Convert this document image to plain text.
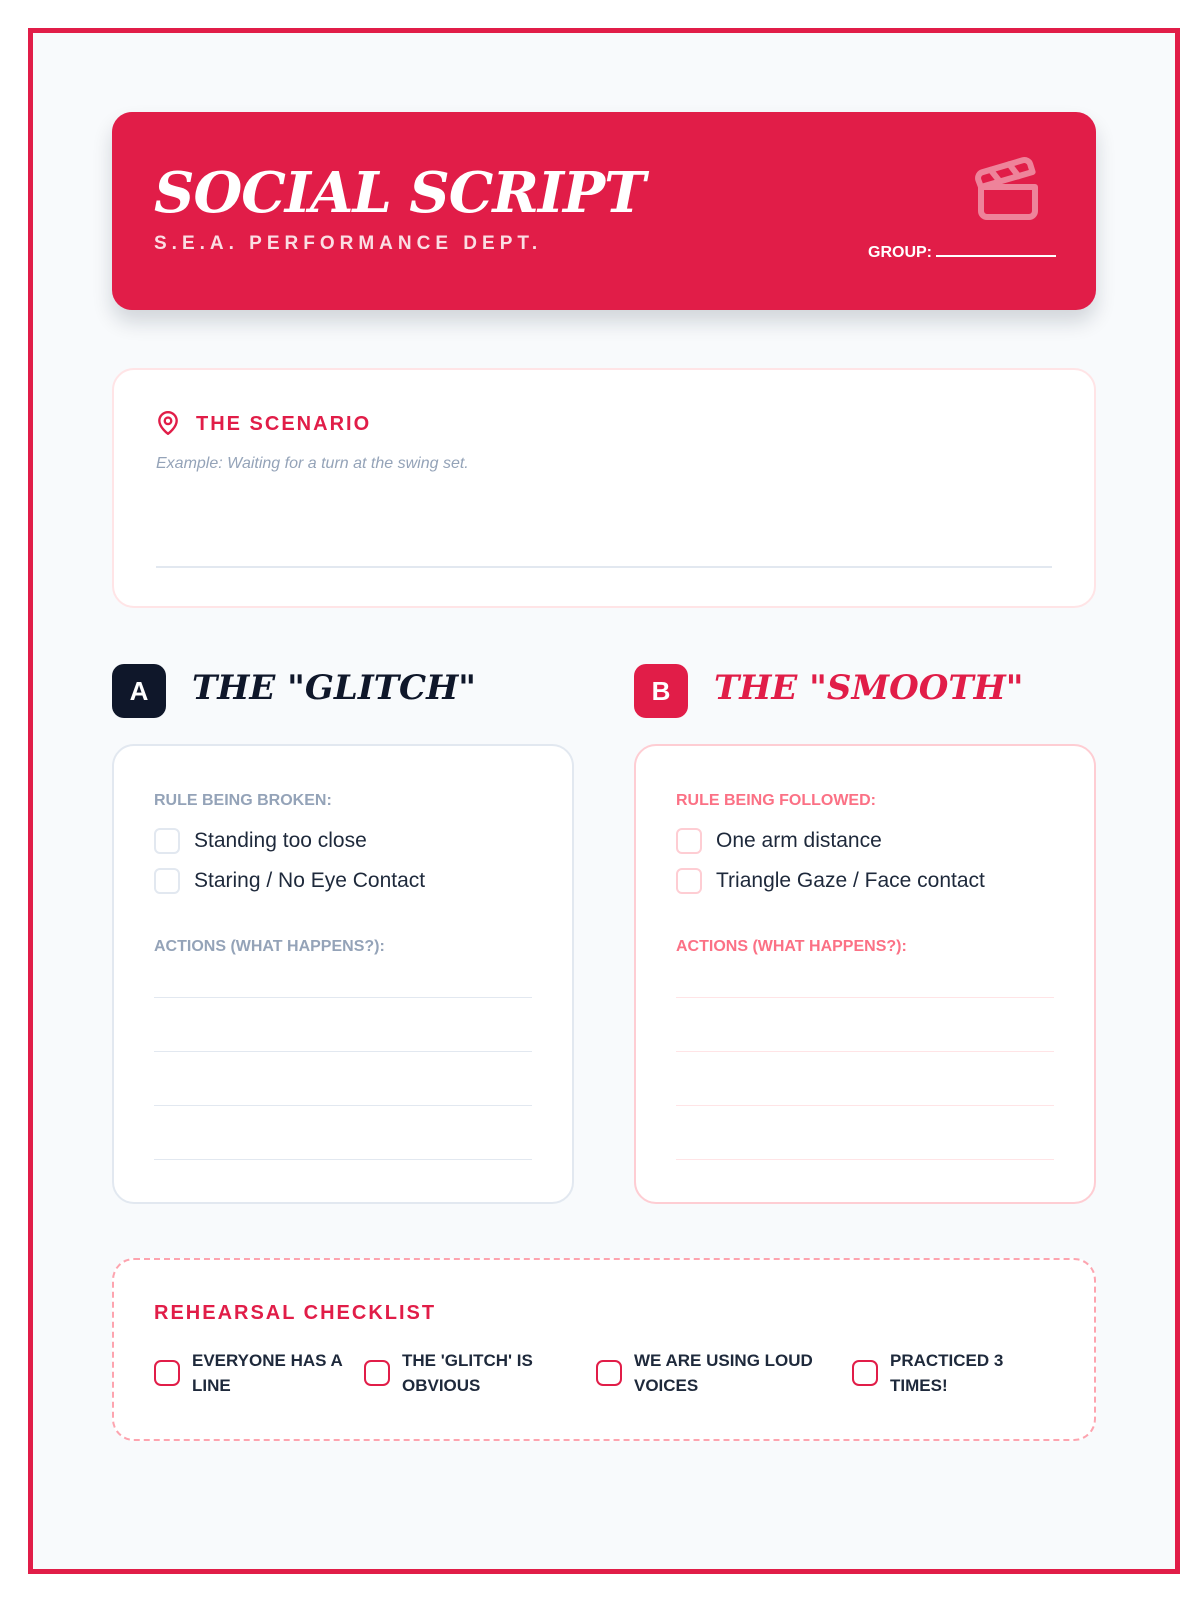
SOCIAL SCRIPT
S.E.A. PERFORMANCE DEPT.	GROUP:
THE SCENARIO
Example: Waiting for a turn at the swing set.
A	THE "GLITCH"
RULE BEING BROKEN:
Standing too close
Staring / No Eye Contact
ACTIONS (WHAT HAPPENS?):
B	THE "SMOOTH"
RULE BEING FOLLOWED:
One arm distance
Triangle Gaze / Face contact
ACTIONS (WHAT HAPPENS?):
REHEARSAL CHECKLIST
EVERYONE HAS A
LINE
THE 'GLITCH' IS
OBVIOUS
WE ARE USING LOUD
VOICES
PRACTICED 3
TIMES!
